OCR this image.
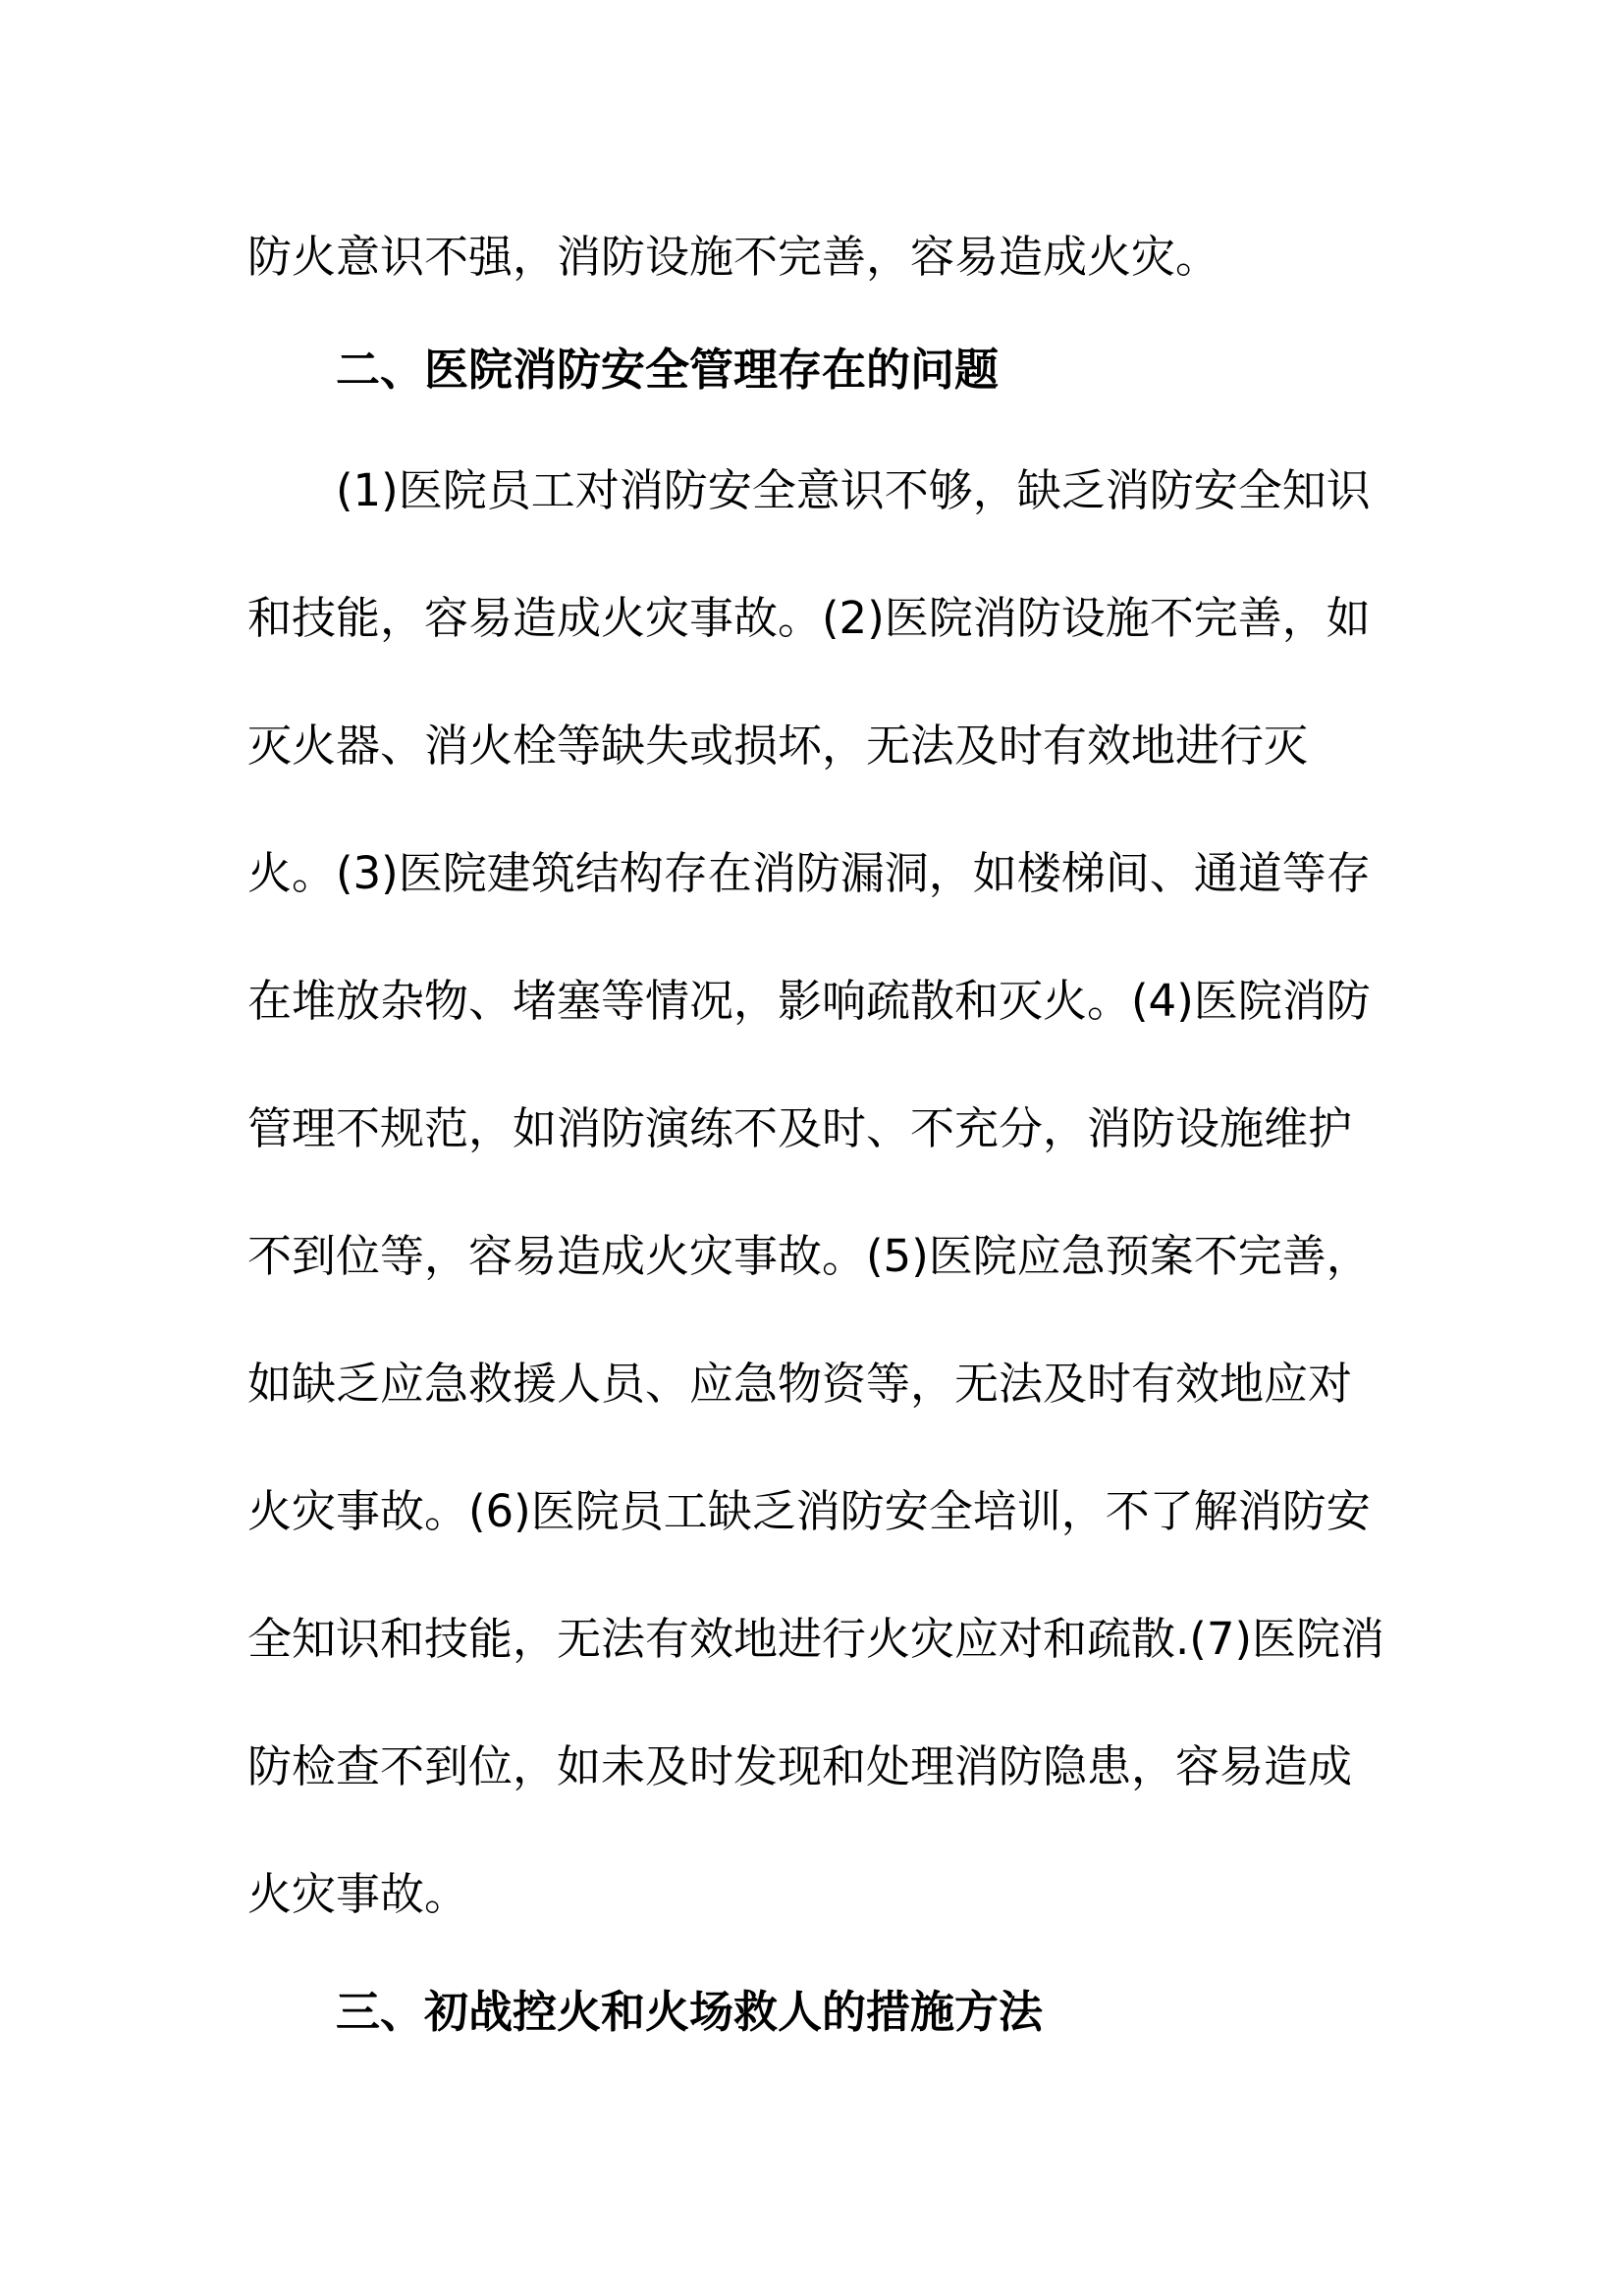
防火意识不强，消防设施不完善，容易造成火灾。
二、医院消防安全管理存在的问题
(1)医院员工对消防安全意识不够，缺乏消防安全知识
和技能，容易造成火灾事故。(2)医院消防设施不完善，如
灭火器、消火栓等缺失或损坏，无法及时有效地进行灭
火。(3)医院建筑结构存在消防漏洞，如楼梯间、通道等存
在堆放杂物、堵塞等情况，影响疏散和灭火。(4)医院消防
管理不规范，如消防演练不及时、不充分，消防设施维护
不到位等，容易造成火灾事故。(5)医院应急预案不完善，
如缺乏应急救援人员、应急物资等，无法及时有效地应对
火灾事故。(6)医院员工缺乏消防安全培训，不了解消防安
全知识和技能，无法有效地进行火灾应对和疏散.(7)医院消
防检查不到位，如未及时发现和处理消防隐患，容易造成
火灾事故。
三、初战控火和火场救人的措施方法
